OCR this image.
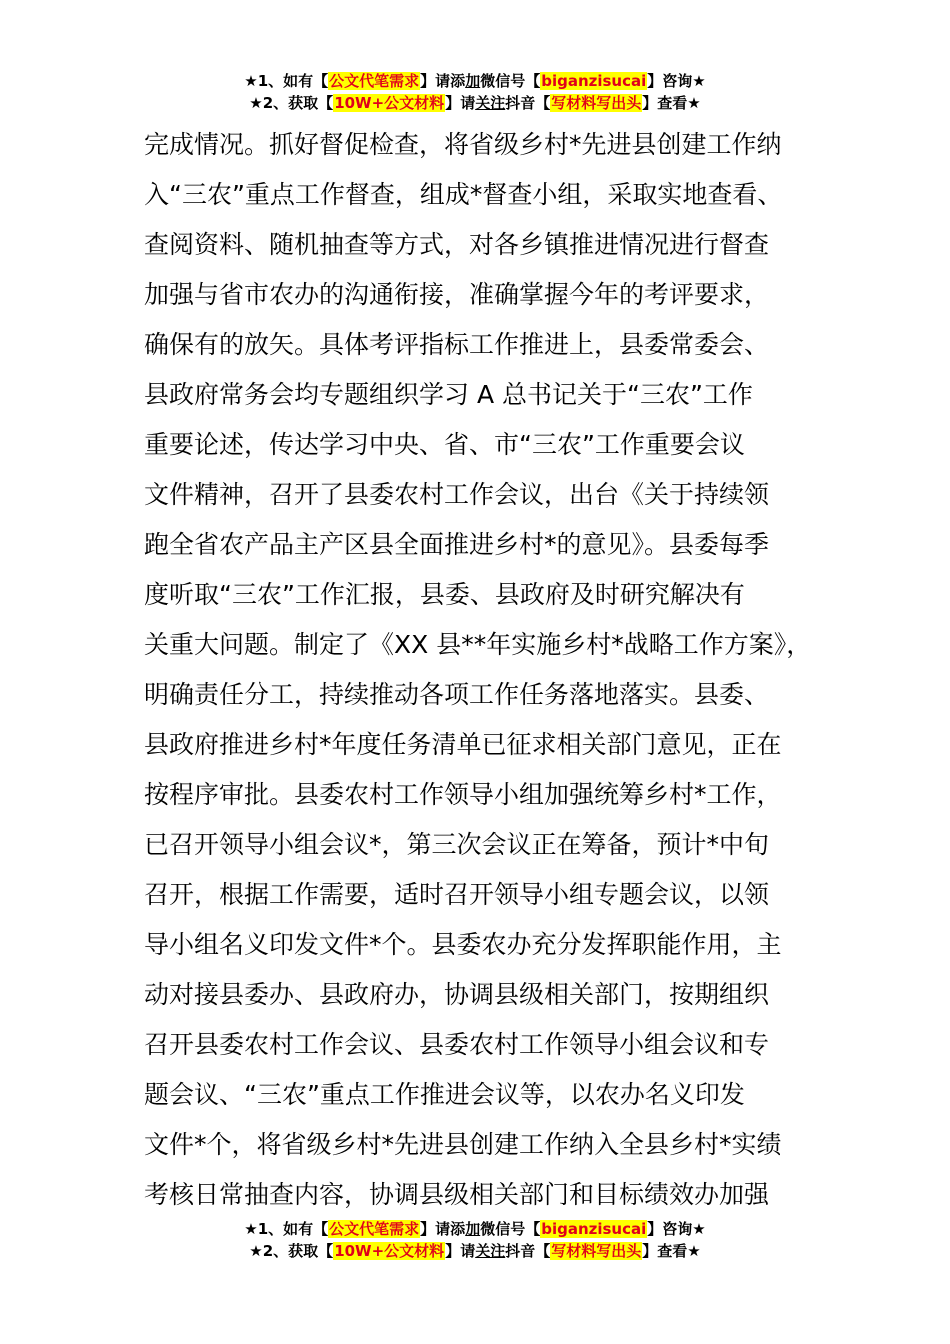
★1、如有【公文代笔需求】请添加微信号【biganzisucai】咨询★
★2、获取【10W+公文材料】请关注抖音【写材料写出头】查看★
完成情况。抓好督促检查，将省级乡村*先进县创建工作纳
入“三农”重点工作督查，组成*督查小组，采取实地查看、
查阅资料、随机抽查等方式，对各乡镇推进情况进行督查
加强与省市农办的沟通衔接，准确掌握今年的考评要求，
确保有的放矢。具体考评指标工作推进上，县委常委会、
县政府常务会均专题组织学习 A 总书记关于“三农”工作
重要论述，传达学习中央、省、市“三农”工作重要会议
文件精神，召开了县委农村工作会议，出台《关于持续领
跑全省农产品主产区县全面推进乡村*的意见》。县委每季
度听取“三农”工作汇报，县委、县政府及时研究解决有
关重大问题。制定了《XX 县**年实施乡村*战略工作方案》，
明确责任分工，持续推动各项工作任务落地落实。县委、
县政府推进乡村*年度任务清单已征求相关部门意见，正在
按程序审批。县委农村工作领导小组加强统筹乡村*工作，
已召开领导小组会议*，第三次会议正在筹备，预计*中旬
召开，根据工作需要，适时召开领导小组专题会议，以领
导小组名义印发文件*个。县委农办充分发挥职能作用，主
动对接县委办、县政府办，协调县级相关部门，按期组织
召开县委农村工作会议、县委农村工作领导小组会议和专
题会议、“三农”重点工作推进会议等，以农办名义印发
文件*个，将省级乡村*先进县创建工作纳入全县乡村*实绩
考核日常抽查内容，协调县级相关部门和目标绩效办加强
★1、如有【公文代笔需求】请添加微信号【biganzisucai】咨询★
★2、获取【10W+公文材料】请关注抖音【写材料写出头】查看★
